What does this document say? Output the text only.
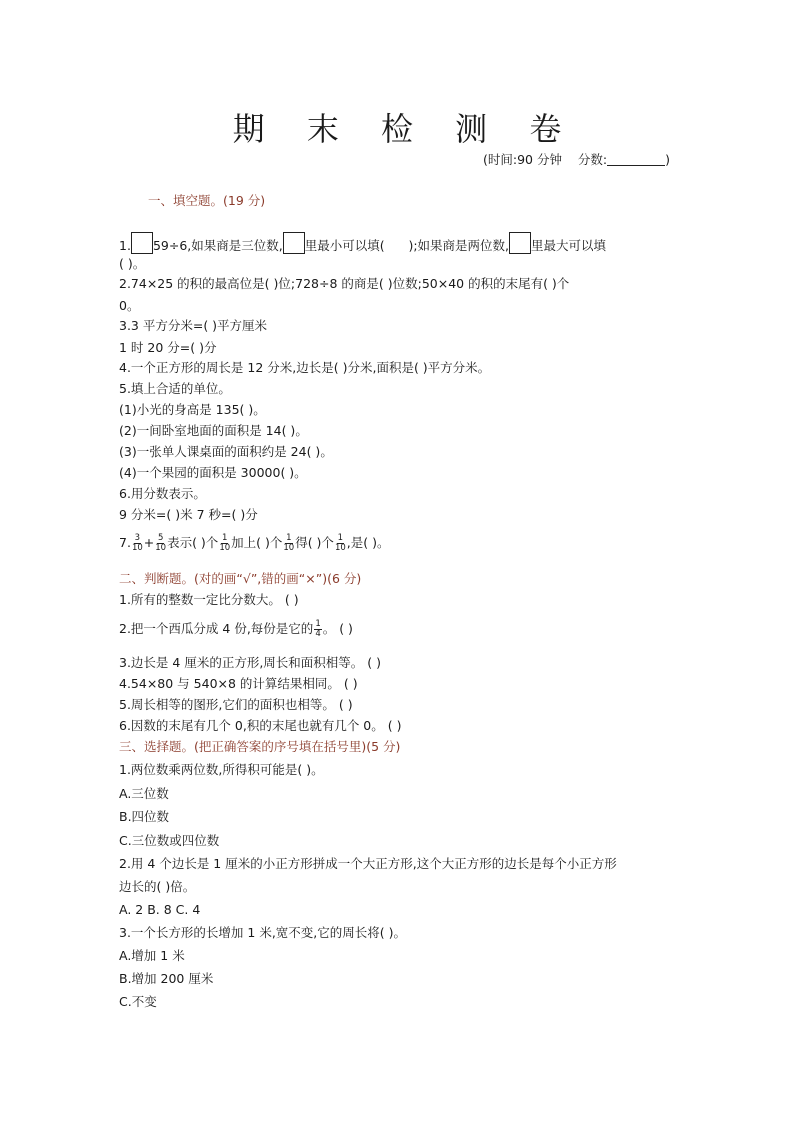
期 末 检 测 卷
(时间:90 分钟 分数:	)
一、填空题。(19 分)
1. 59÷6,如果商是三位数, 里最小可以填( );如果商是两位数, 里最大可以填
( )。
2.74×25 的积的最高位是( )位;728÷8 的商是( )位数;50×40 的积的末尾有( )个
0。
3.3 平方分米=( )平方厘米
1 时 20 分=( )分
4.一个正方形的周长是 12 分米,边长是( )分米,面积是( )平方分米。
5.填上合适的单位。
(1)小光的身高是 135( )。
(2)一间卧室地面的面积是 14( )。
(3)一张单人课桌面的面积约是 24( )。
(4)一个果园的面积是 30000( )。
6.用分数表示。
9 分米=( )米 7 秒=( )分
7. $\frac{3}{10} + \frac{5}{10}$ 表示( )个 $\frac{1}{10}$ 加上( )个 $\frac{1}{10}$ 得( )个 $\frac{1}{10}$ ,是( )。
二、判断题。(对的画“√”,错的画“×”)(6 分)
1.所有的整数一定比分数大。 ( )
2.把一个西瓜分成 4 份,每份是它的 $\frac{1}{4}$ 。 ( )
3.边长是 4 厘米的正方形,周长和面积相等。 ( )
4.54×80 与 540×8 的计算结果相同。 ( )
5.周长相等的图形,它们的面积也相等。 ( )
6.因数的末尾有几个 0,积的末尾也就有几个 0。 ( )
三、选择题。(把正确答案的序号填在括号里)(5 分)
1.两位数乘两位数,所得积可能是( )。
A.三位数
B.四位数
C.三位数或四位数
2.用 4 个边长是 1 厘米的小正方形拼成一个大正方形,这个大正方形的边长是每个小正方形
边长的( )倍。
A. 2 B. 8 C. 4
3.一个长方形的长增加 1 米,宽不变,它的周长将( )。
A.增加 1 米
B.增加 200 厘米
C.不变
